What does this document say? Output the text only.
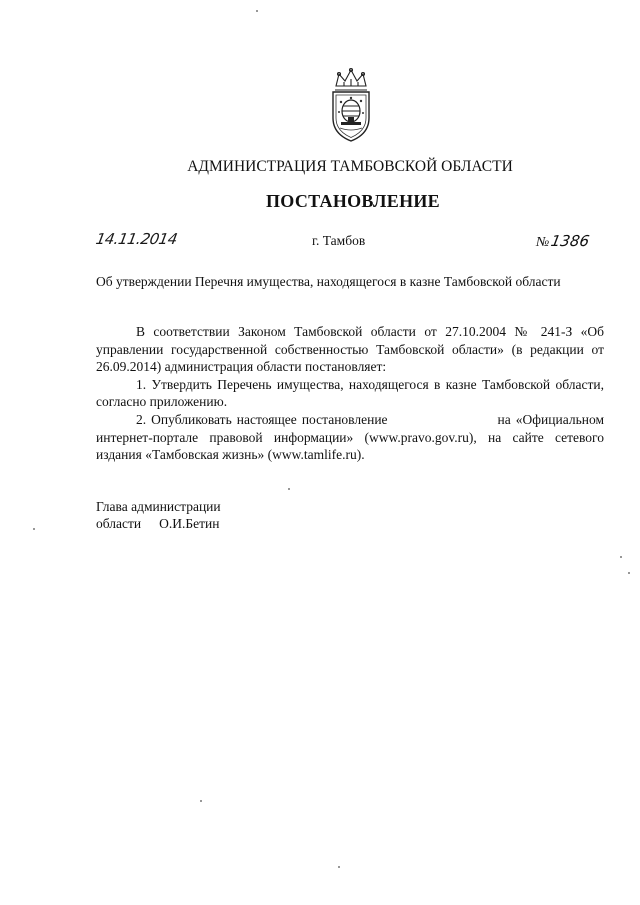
АДМИНИСТРАЦИЯ ТАМБОВСКОЙ ОБЛАСТИ
ПОСТАНОВЛЕНИЕ
14.11.2014	г. Тамбов	№1386
Об утверждении Перечня имущества, находящегося в казне Тамбовской области

В соответствии Законом Тамбовской области от 27.10.2004 № 241-З «Об управлении государственной собственностью Тамбовской области» (в редакции от 26.09.2014) администрация области постановляет:

1. Утвердить Перечень имущества, находящегося в казне Тамбовской области, согласно приложению.

2. Опубликовать настоящее постановление	на «Официальном интернет-портале правовой информации» (www.pravo.gov.ru), на сайте сетевого издания «Тамбовская жизнь» (www.tamlife.ru).

Глава администрации
области О.И.Бетин
